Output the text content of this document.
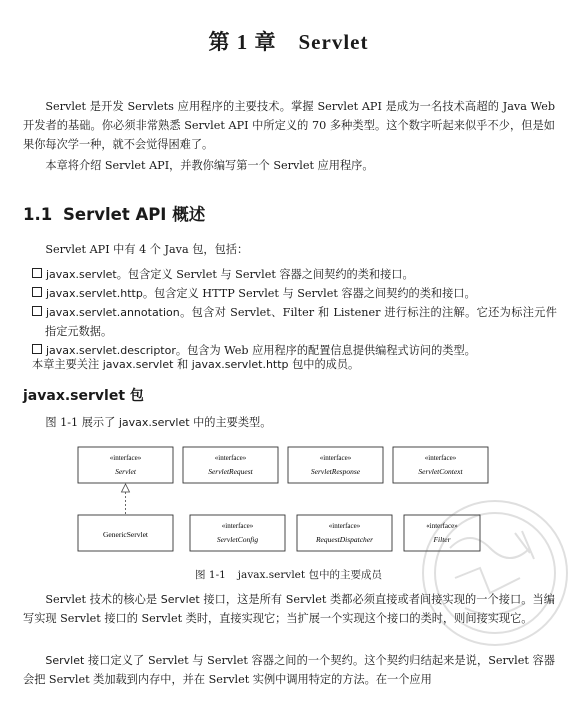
第 1 章 Servlet
Servlet 是开发 Servlets 应用程序的主要技术。掌握 Servlet API 是成为一名技术高超的 Java Web 开发者的基础。你必须非常熟悉 Servlet API 中所定义的 70 多种类型。这个数字听起来似乎不少，但是如果你每次学一种，就不会觉得困难了。
本章将介绍 Servlet API，并教你编写第一个 Servlet 应用程序。
1.1 Servlet API 概述
Servlet API 中有 4 个 Java 包，包括：
javax.servlet。包含定义 Servlet 与 Servlet 容器之间契约的类和接口。
javax.servlet.http。包含定义 HTTP Servlet 与 Servlet 容器之间契约的类和接口。
javax.servlet.annotation。包含对 Servlet、Filter 和 Listener 进行标注的注解。它还为标注元件指定元数据。
javax.servlet.descriptor。包含为 Web 应用程序的配置信息提供编程式访问的类型。
本章主要关注 javax.servlet 和 javax.servlet.http 包中的成员。
javax.servlet 包
图 1-1 展示了 javax.servlet 中的主要类型。
«interface»
Servlet
«interface»
ServletRequest
«interface»
ServletResponse
«interface»
ServletContext
GenericServlet
«interface»
ServletConfig
«interface»
RequestDispatcher
«interface»
Filter
图 1-1 javax.servlet 包中的主要成员
Servlet 技术的核心是 Servlet 接口，这是所有 Servlet 类都必须直接或者间接实现的一个接口。当编写实现 Servlet 接口的 Servlet 类时，直接实现它；当扩展一个实现这个接口的类时，则间接实现它。
Servlet 接口定义了 Servlet 与 Servlet 容器之间的一个契约。这个契约归结起来是说，Servlet 容器会把 Servlet 类加载到内存中，并在 Servlet 实例中调用特定的方法。在一个应用
